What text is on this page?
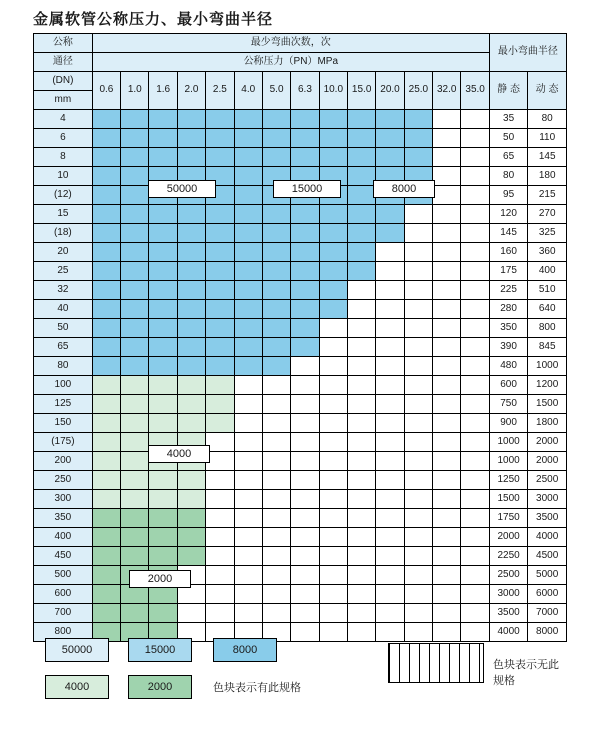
金属软管公称压力、最小弯曲半径
公称	最少弯曲次数，次														最小弯曲半径	
通径	公称压力（PN）MPa															
(DN)	0.6	1.0	1.6	2.0	2.5	4.0	5.0	6.3	10.0	15.0	20.0	25.0	32.0	35.0	静 态	动 态
mm																
4															35	80
6															50	110
8															65	145
10															80	180
(12)															95	215
15															120	270
(18)															145	325
20															160	360
25															175	400
32															225	510
40															280	640
50															350	800
65															390	845
80															480	1000
100															600	1200
125															750	1500
150															900	1800
(175)															1000	2000
200															1000	2000
250															1250	2500
300															1500	3000
350															1750	3500
400															2000	4000
450															2250	4500
500															2500	5000
600															3000	6000
700															3500	7000
800															4000	8000
50000	15000	8000
4000
2000
50000	15000	8000
4000	2000	色块表示有此规格
色块表示无此规格
